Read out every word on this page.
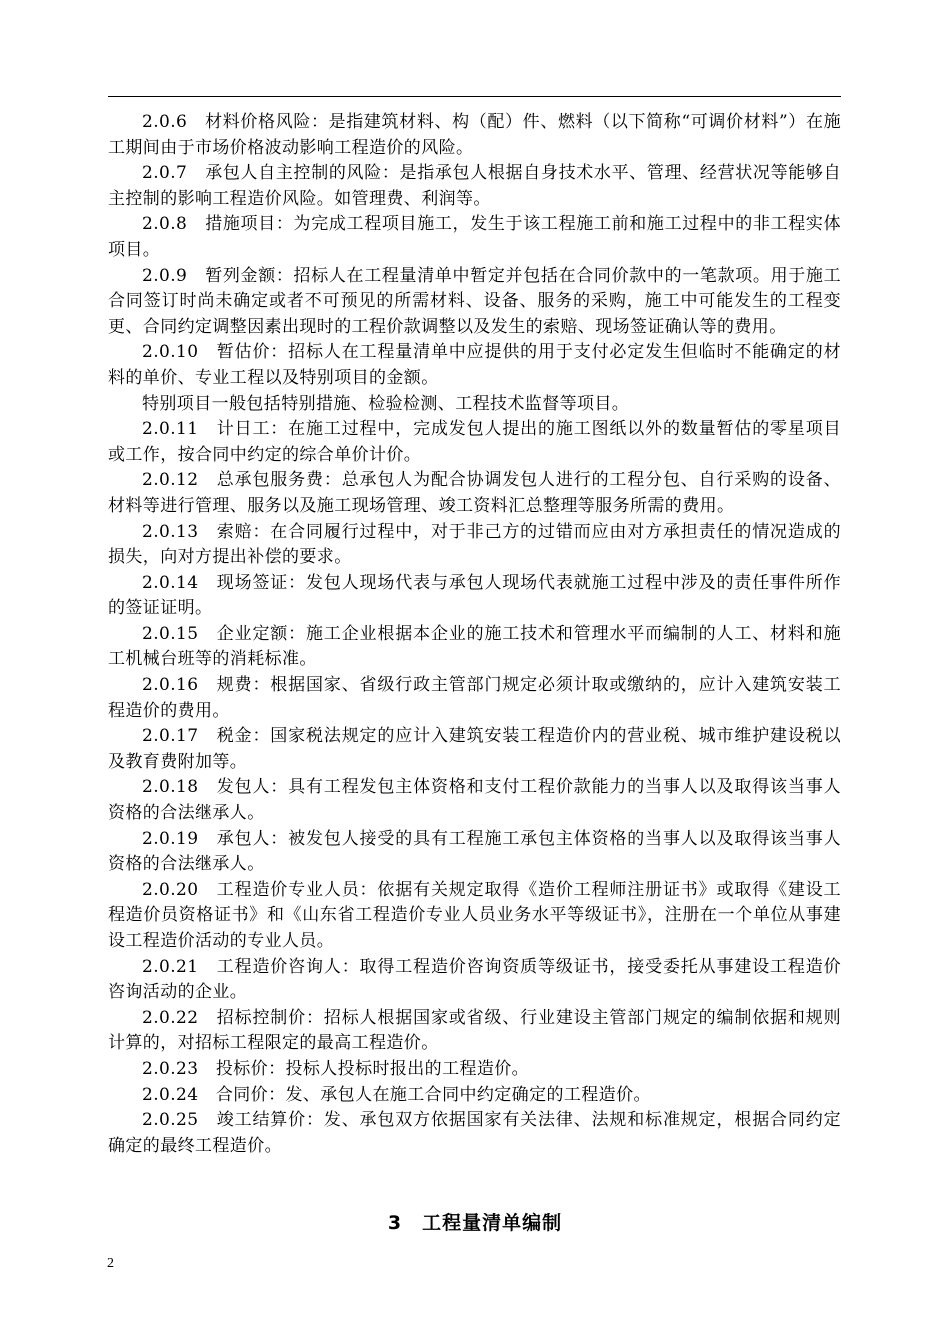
2.0.6　材料价格风险：是指建筑材料、构（配）件、燃料（以下简称“可调价材料”）在施工期间由于市场价格波动影响工程造价的风险。

2.0.7　承包人自主控制的风险：是指承包人根据自身技术水平、管理、经营状况等能够自主控制的影响工程造价风险。如管理费、利润等。

2.0.8　措施项目：为完成工程项目施工，发生于该工程施工前和施工过程中的非工程实体项目。

2.0.9　暂列金额：招标人在工程量清单中暂定并包括在合同价款中的一笔款项。用于施工合同签订时尚未确定或者不可预见的所需材料、设备、服务的采购，施工中可能发生的工程变更、合同约定调整因素出现时的工程价款调整以及发生的索赔、现场签证确认等的费用。

2.0.10　暂估价：招标人在工程量清单中应提供的用于支付必定发生但临时不能确定的材料的单价、专业工程以及特别项目的金额。

特别项目一般包括特别措施、检验检测、工程技术监督等项目。

2.0.11　计日工：在施工过程中，完成发包人提出的施工图纸以外的数量暂估的零星项目或工作，按合同中约定的综合单价计价。

2.0.12　总承包服务费：总承包人为配合协调发包人进行的工程分包、自行采购的设备、材料等进行管理、服务以及施工现场管理、竣工资料汇总整理等服务所需的费用。

2.0.13　索赔：在合同履行过程中，对于非己方的过错而应由对方承担责任的情况造成的损失，向对方提出补偿的要求。

2.0.14　现场签证：发包人现场代表与承包人现场代表就施工过程中涉及的责任事件所作的签证证明。

2.0.15　企业定额：施工企业根据本企业的施工技术和管理水平而编制的人工、材料和施工机械台班等的消耗标准。

2.0.16　规费：根据国家、省级行政主管部门规定必须计取或缴纳的，应计入建筑安装工程造价的费用。

2.0.17　税金：国家税法规定的应计入建筑安装工程造价内的营业税、城市维护建设税以及教育费附加等。

2.0.18　发包人：具有工程发包主体资格和支付工程价款能力的当事人以及取得该当事人资格的合法继承人。

2.0.19　承包人：被发包人接受的具有工程施工承包主体资格的当事人以及取得该当事人资格的合法继承人。

2.0.20　工程造价专业人员：依据有关规定取得《造价工程师注册证书》或取得《建设工程造价员资格证书》和《山东省工程造价专业人员业务水平等级证书》，注册在一个单位从事建设工程造价活动的专业人员。

2.0.21　工程造价咨询人：取得工程造价咨询资质等级证书，接受委托从事建设工程造价咨询活动的企业。

2.0.22　招标控制价：招标人根据国家或省级、行业建设主管部门规定的编制依据和规则计算的，对招标工程限定的最高工程造价。

2.0.23　投标价：投标人投标时报出的工程造价。

2.0.24　合同价：发、承包人在施工合同中约定确定的工程造价。

2.0.25　竣工结算价：发、承包双方依据国家有关法律、法规和标准规定，根据合同约定确定的最终工程造价。

3　工程量清单编制
2
